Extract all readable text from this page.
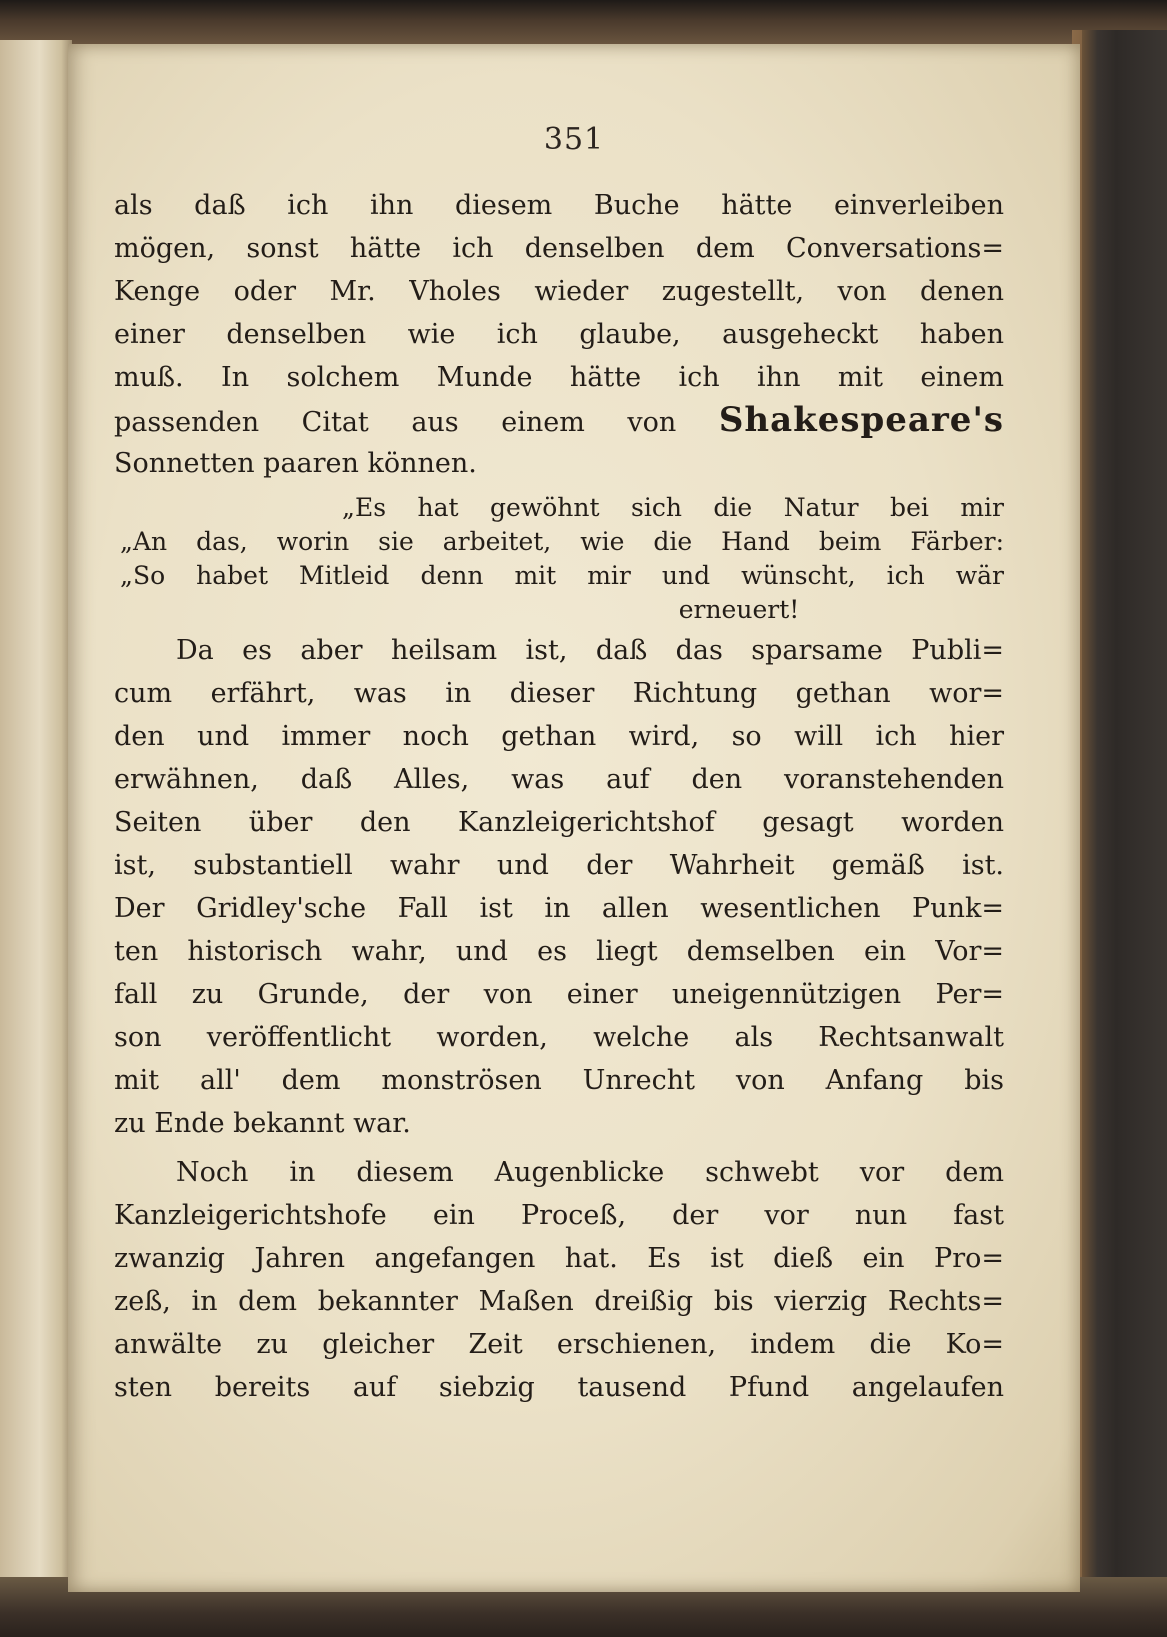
351
als daß ich ihn diesem Buche hätte einverleiben
mögen, sonst hätte ich denselben dem Conversations=
Kenge oder Mr. Vholes wieder zugestellt, von denen
einer denselben wie ich glaube, ausgeheckt haben
muß. In solchem Munde hätte ich ihn mit einem
passenden Citat aus einem von Shakespeare's
Sonnetten paaren können.
„Es hat gewöhnt sich die Natur bei mir
„An das, worin sie arbeitet, wie die Hand beim Färber:
„So habet Mitleid denn mit mir und wünscht, ich wär
erneuert!
Da es aber heilsam ist, daß das sparsame Publi=
cum erfährt, was in dieser Richtung gethan wor=
den und immer noch gethan wird, so will ich hier
erwähnen, daß Alles, was auf den voranstehenden
Seiten über den Kanzleigerichtshof gesagt worden
ist, substantiell wahr und der Wahrheit gemäß ist.
Der Gridley'sche Fall ist in allen wesentlichen Punk=
ten historisch wahr, und es liegt demselben ein Vor=
fall zu Grunde, der von einer uneigennützigen Per=
son veröffentlicht worden, welche als Rechtsanwalt
mit all' dem monströsen Unrecht von Anfang bis
zu Ende bekannt war.
Noch in diesem Augenblicke schwebt vor dem
Kanzleigerichtshofe ein Proceß, der vor nun fast
zwanzig Jahren angefangen hat. Es ist dieß ein Pro=
zeß, in dem bekannter Maßen dreißig bis vierzig Rechts=
anwälte zu gleicher Zeit erschienen, indem die Ko=
sten bereits auf siebzig tausend Pfund angelaufen
